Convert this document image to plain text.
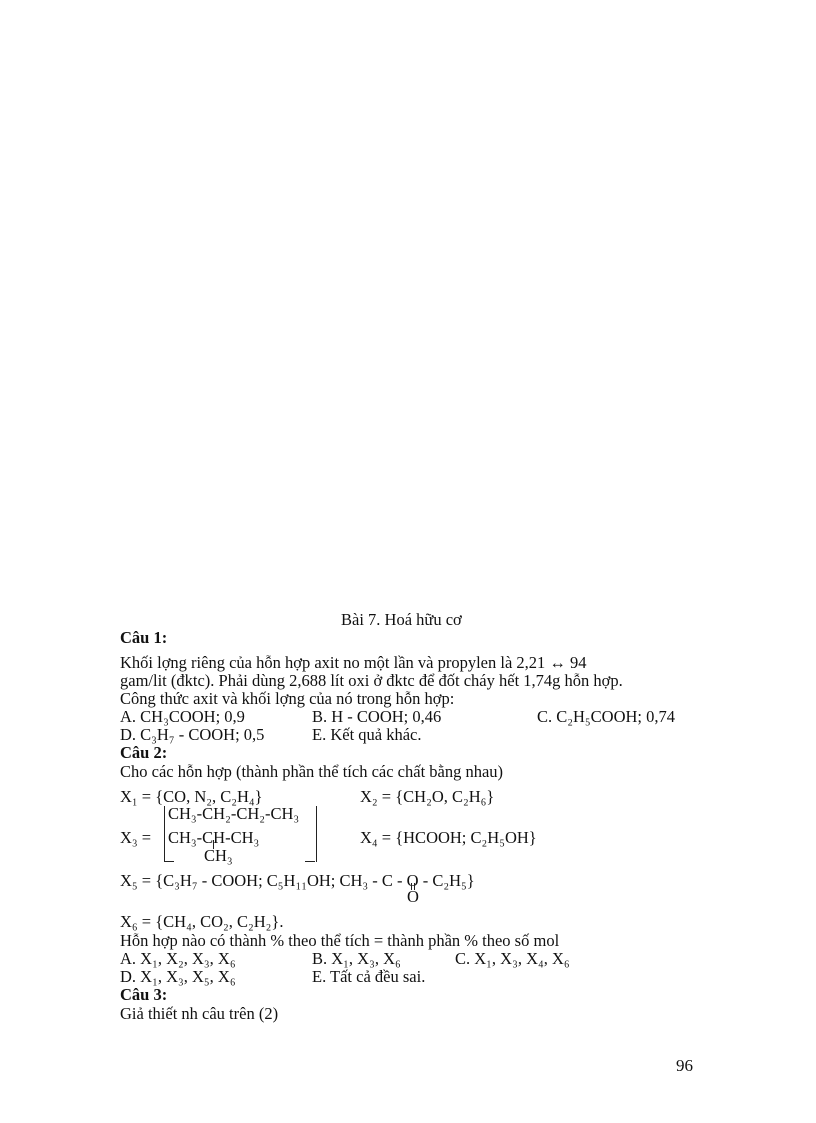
Bài 7. Hoá hữu cơ
Câu 1:
Khối lợng riêng của hỗn hợp axit no một lần và propylen là 2,21 ↔ 94
gam/lit (đktc). Phải dùng 2,688 lít oxi ở đktc để đốt cháy hết 1,74g hỗn hợp.
Công thức axit và khối lợng của nó trong hỗn hợp:
A. CH₃COOH; 0,9	B. H - COOH; 0,46	C. C₂H₅COOH; 0,74
D. C₃H₇ - COOH; 0,5	E. Kết quả khác.
Câu 2:
Cho các hỗn hợp (thành phần thể tích các chất bằng nhau)
X₁ = {CO, N₂, C₂H₄}	X₂ = {CH₂O, C₂H₆}
X₃ =
CH₃-CH₂-CH₂-CH₃
CH₃-CH-CH₃
CH₃
X₄ = {HCOOH; C₂H₅OH}
X₅ = {C₃H₇ - COOH; C₅H₁₁OH; CH₃ - C - O - C₂H₅}
O
X₆ = {CH₄, CO₂, C₂H₂}.
Hỗn hợp nào có thành % theo thể tích = thành phần % theo số mol
A. X₁, X₂, X₃, X₆	B. X₁, X₃, X₆	C. X₁, X₃, X₄, X₆
D. X₁, X₃, X₅, X₆	E. Tất cả đều sai.
Câu 3:
Giả thiết nh câu trên (2)
96
